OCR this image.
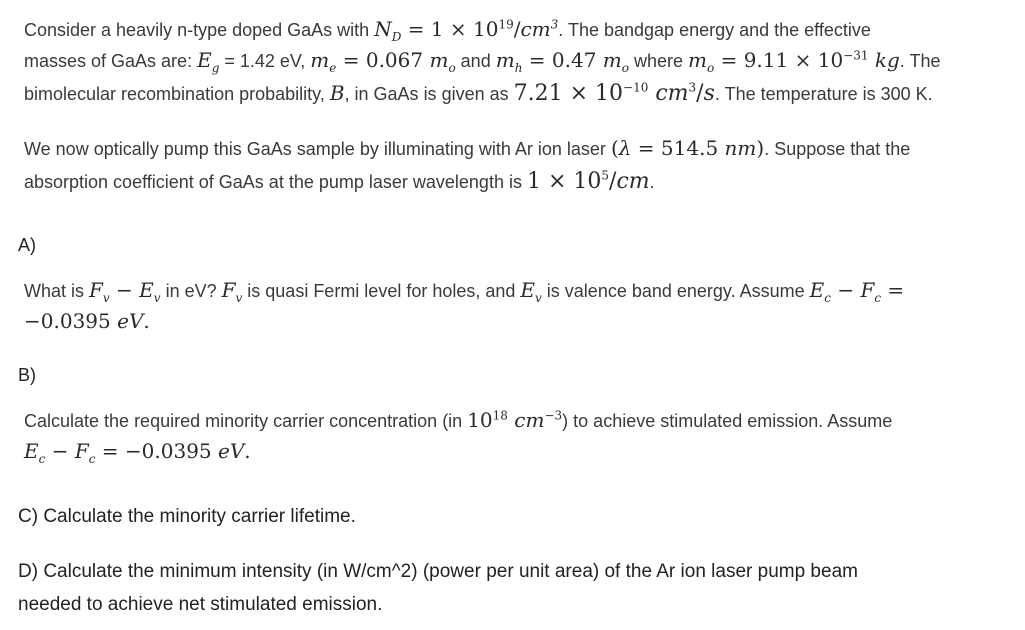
Consider a heavily n-type doped GaAs with $N_D = 1 \times 10^{19}/cm^3$. The bandgap energy and the effective

masses of GaAs are: $E_g = 1.42$ eV, $m_e = 0.067$ $m_o$ and $m_h = 0.47$ $m_o$ where $m_o = 9.11 \times 10^{-31}$ kg. The

bimolecular recombination probability, B, in GaAs is given as $7.21 \times 10^{-10}$ $cm^3/s$. The temperature is 300 K.

We now optically pump this GaAs sample by illuminating with Ar ion laser (λ = 514.5 nm). Suppose that the

absorption coefficient of GaAs at the pump laser wavelength is $1 \times 10^5/cm$.

A)

What is $F_v - E_v$ in eV? $F_v$ is quasi Fermi level for holes, and $E_v$ is valence band energy. Assume $E_c - F_c$ =

−0.0395 eV.

B)

Calculate the required minority carrier concentration (in $10^{18}$ $cm^{-3}$) to achieve stimulated emission. Assume

$E_c - F_c = -0.0395$ eV.

C) Calculate the minority carrier lifetime.

D) Calculate the minimum intensity (in W/cm^2) (power per unit area) of the Ar ion laser pump beam

needed to achieve net stimulated emission.
